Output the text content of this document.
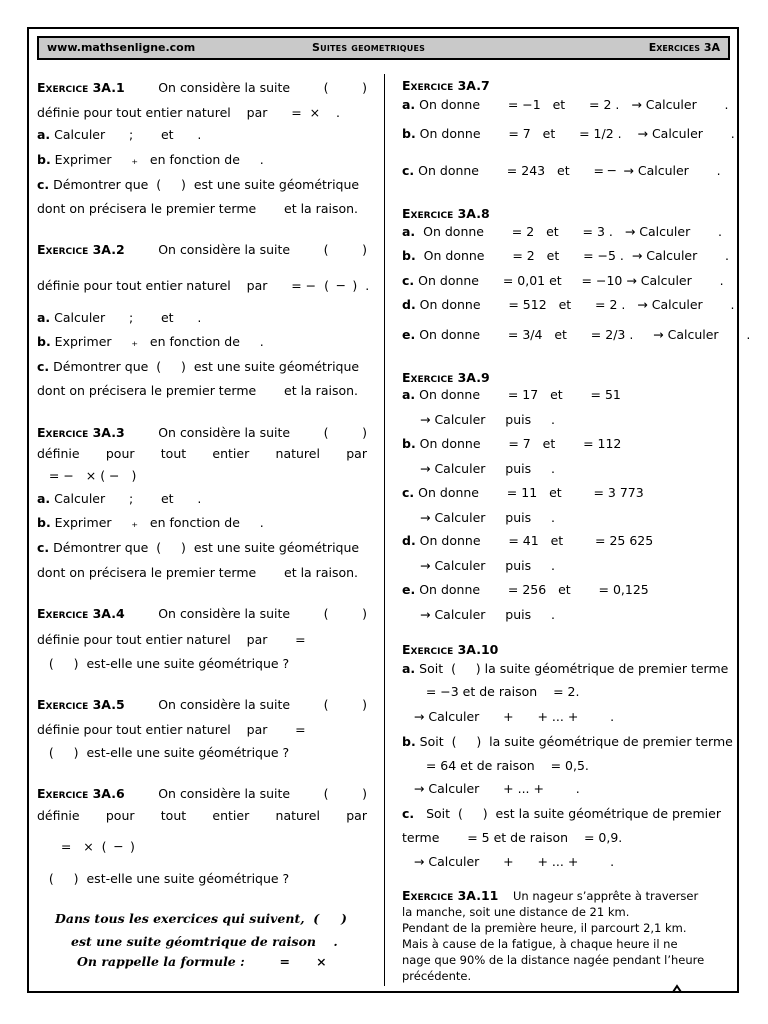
www.mathsenligne.com	Suites geometriques	Exercices 3A
Exercice 3A.1	On considère la suite	(	)
définie pour tout entier naturel    par      =  ×    .
a. Calculer      ;       et      .
b. Exprimer     ₊   en fonction de     .
c. Démontrer que  (     )  est une suite géométrique
dont on précisera le premier terme       et la raison.
Exercice 3A.2	On considère la suite	(	)
définie pour tout entier naturel    par      = −  (  ─  )  .
a. Calculer      ;       et      .
b. Exprimer     ₊   en fonction de     .
c. Démontrer que  (     )  est une suite géométrique
dont on précisera le premier terme       et la raison.
Exercice 3A.3	On considère la suite	(	)
définie pour tout entier naturel par
= −   × ( −   )
a. Calculer      ;       et      .
b. Exprimer     ₊   en fonction de     .
c. Démontrer que  (     )  est une suite géométrique
dont on précisera le premier terme       et la raison.
Exercice 3A.4	On considère la suite	(	)
définie pour tout entier naturel    par       =
(     )  est-elle une suite géométrique ?
Exercice 3A.5	On considère la suite	(	)
définie pour tout entier naturel    par       =
(     )  est-elle une suite géométrique ?
Exercice 3A.6	On considère la suite	(	)
définie pour tout entier naturel par
=   ×  (  ─  )
(     )  est-elle une suite géométrique ?
Dans tous les exercices qui suivent,  (     )
est une suite géomtrique de raison    .
On rappelle la formule :        =      ×
Exercice 3A.7
a. On donne       = −1   et      = 2 .   → Calculer       .
b. On donne       = 7   et      = 1/2 .    → Calculer       .
c. On donne       = 243   et      = ─  → Calculer       .
Exercice 3A.8
a.  On donne       = 2   et      = 3 .   → Calculer       .
b.  On donne       = 2   et      = −5 .  → Calculer       .
c. On donne      = 0,01 et     = −10 → Calculer       .
d. On donne       = 512   et      = 2 .   → Calculer       .
e. On donne       = 3/4   et      = 2/3 .     → Calculer       .
Exercice 3A.9
a. On donne       = 17   et       = 51
→ Calculer     puis     .
b. On donne       = 7   et       = 112
→ Calculer     puis     .
c. On donne       = 11   et        = 3 773
→ Calculer     puis     .
d. On donne       = 41   et        = 25 625
→ Calculer     puis     .
e. On donne       = 256   et       = 0,125
→ Calculer     puis     .
Exercice 3A.10
a. Soit  (     ) la suite géométrique de premier terme
= −3 et de raison    = 2.
→ Calculer      +      + ... +        .
b. Soit  (     )  la suite géométrique de premier terme
= 64 et de raison    = 0,5.
→ Calculer      + ... +        .
c.   Soit  (     )  est la suite géométrique de premier
terme       = 5 et de raison    = 0,9.
→ Calculer      +      + ... +        .
Exercice 3A.11 Un nageur s’apprête à traverser
la manche, soit une distance de 21 km.
Pendant de la première heure, il parcourt 2,1 km.
Mais à cause de la fatigue, à chaque heure il ne
nage que 90% de la distance nagée pendant l’heure
précédente.
